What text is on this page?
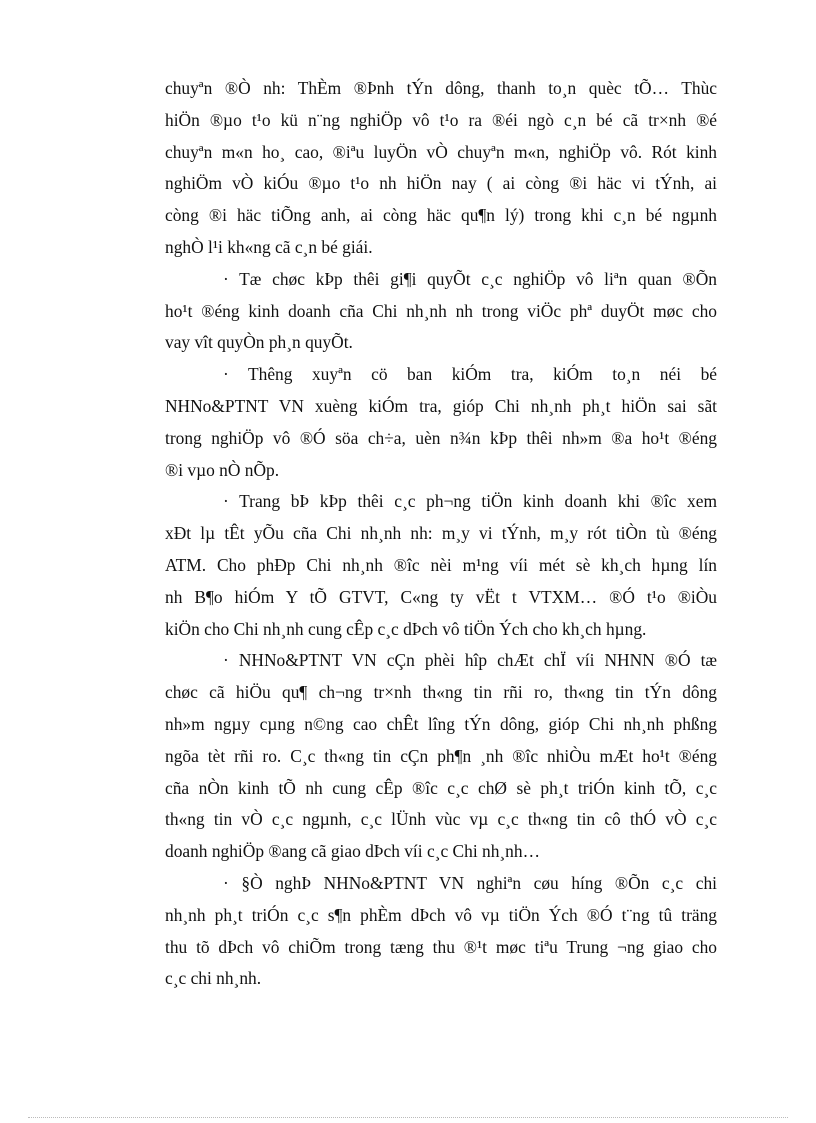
chuyªn ®Ò nh: ThÈm ®Þnh tÝn dông, thanh to¸n quèc tÕ… Thùc
hiÖn ®µo t¹o kü n¨ng nghiÖp vô t¹o ra ®éi ngò c¸n bé cã tr×nh ®é
chuyªn m«n ho¸ cao, ®iªu luyÖn vÒ chuyªn m«n, nghiÖp vô. Rót kinh
nghiÖm vÒ kiÓu ®µo t¹o nh hiÖn nay ( ai còng ®i häc vi tÝnh, ai
còng ®i häc tiÕng anh, ai còng häc qu¶n lý) trong khi c¸n bé ngµnh
nghÒ l¹i kh«ng cã c¸n bé giái.
· Tæ chøc kÞp thêi gi¶i quyÕt c¸c nghiÖp vô liªn quan ®Õn
ho¹t ®éng kinh doanh cña Chi nh¸nh nh trong viÖc phª duyÖt møc cho
vay vît quyÒn ph¸n quyÕt.
· Thêng xuyªn cö ban kiÓm tra, kiÓm to¸n néi bé
NHNo&PTNT VN xuèng kiÓm tra, gióp Chi nh¸nh ph¸t hiÖn sai sãt
trong nghiÖp vô ®Ó söa ch÷a, uèn n¾n kÞp thêi nh»m ®a ho¹t ®éng
®i vµo nÒ nÕp.
· Trang bÞ kÞp thêi c¸c ph¬ng tiÖn kinh doanh khi ®îc xem
xÐt lµ tÊt yÕu cña Chi nh¸nh nh: m¸y vi tÝnh, m¸y rót tiÒn tù ®éng
ATM. Cho phÐp Chi nh¸nh ®îc nèi m¹ng víi mét sè kh¸ch hµng lín
nh B¶o hiÓm Y tÕ GTVT, C«ng ty vËt t VTXM… ®Ó t¹o ®iÒu
kiÖn cho Chi nh¸nh cung cÊp c¸c dÞch vô tiÖn Ých cho kh¸ch hµng.
· NHNo&PTNT VN cÇn phèi hîp chÆt chÏ víi NHNN ®Ó tæ
chøc cã hiÖu qu¶ ch¬ng tr×nh th«ng tin rñi ro, th«ng tin tÝn dông
nh»m ngµy cµng n©ng cao chÊt lîng tÝn dông, gióp Chi nh¸nh phßng
ngõa tèt rñi ro. C¸c th«ng tin cÇn ph¶n ¸nh ®îc nhiÒu mÆt ho¹t ®éng
cña nÒn kinh tÕ nh cung cÊp ®îc c¸c chØ sè ph¸t triÓn kinh tÕ, c¸c
th«ng tin vÒ c¸c ngµnh, c¸c lÜnh vùc vµ c¸c th«ng tin cô thÓ vÒ c¸c
doanh nghiÖp ®ang cã giao dÞch víi c¸c Chi nh¸nh…
· §Ò nghÞ NHNo&PTNT VN nghiªn cøu híng ®Õn c¸c chi
nh¸nh ph¸t triÓn c¸c s¶n phÈm dÞch vô vµ tiÖn Ých ®Ó t¨ng tû träng
thu tõ dÞch vô chiÕm trong tæng thu ®¹t møc tiªu Trung ¬ng giao cho
c¸c chi nh¸nh.
